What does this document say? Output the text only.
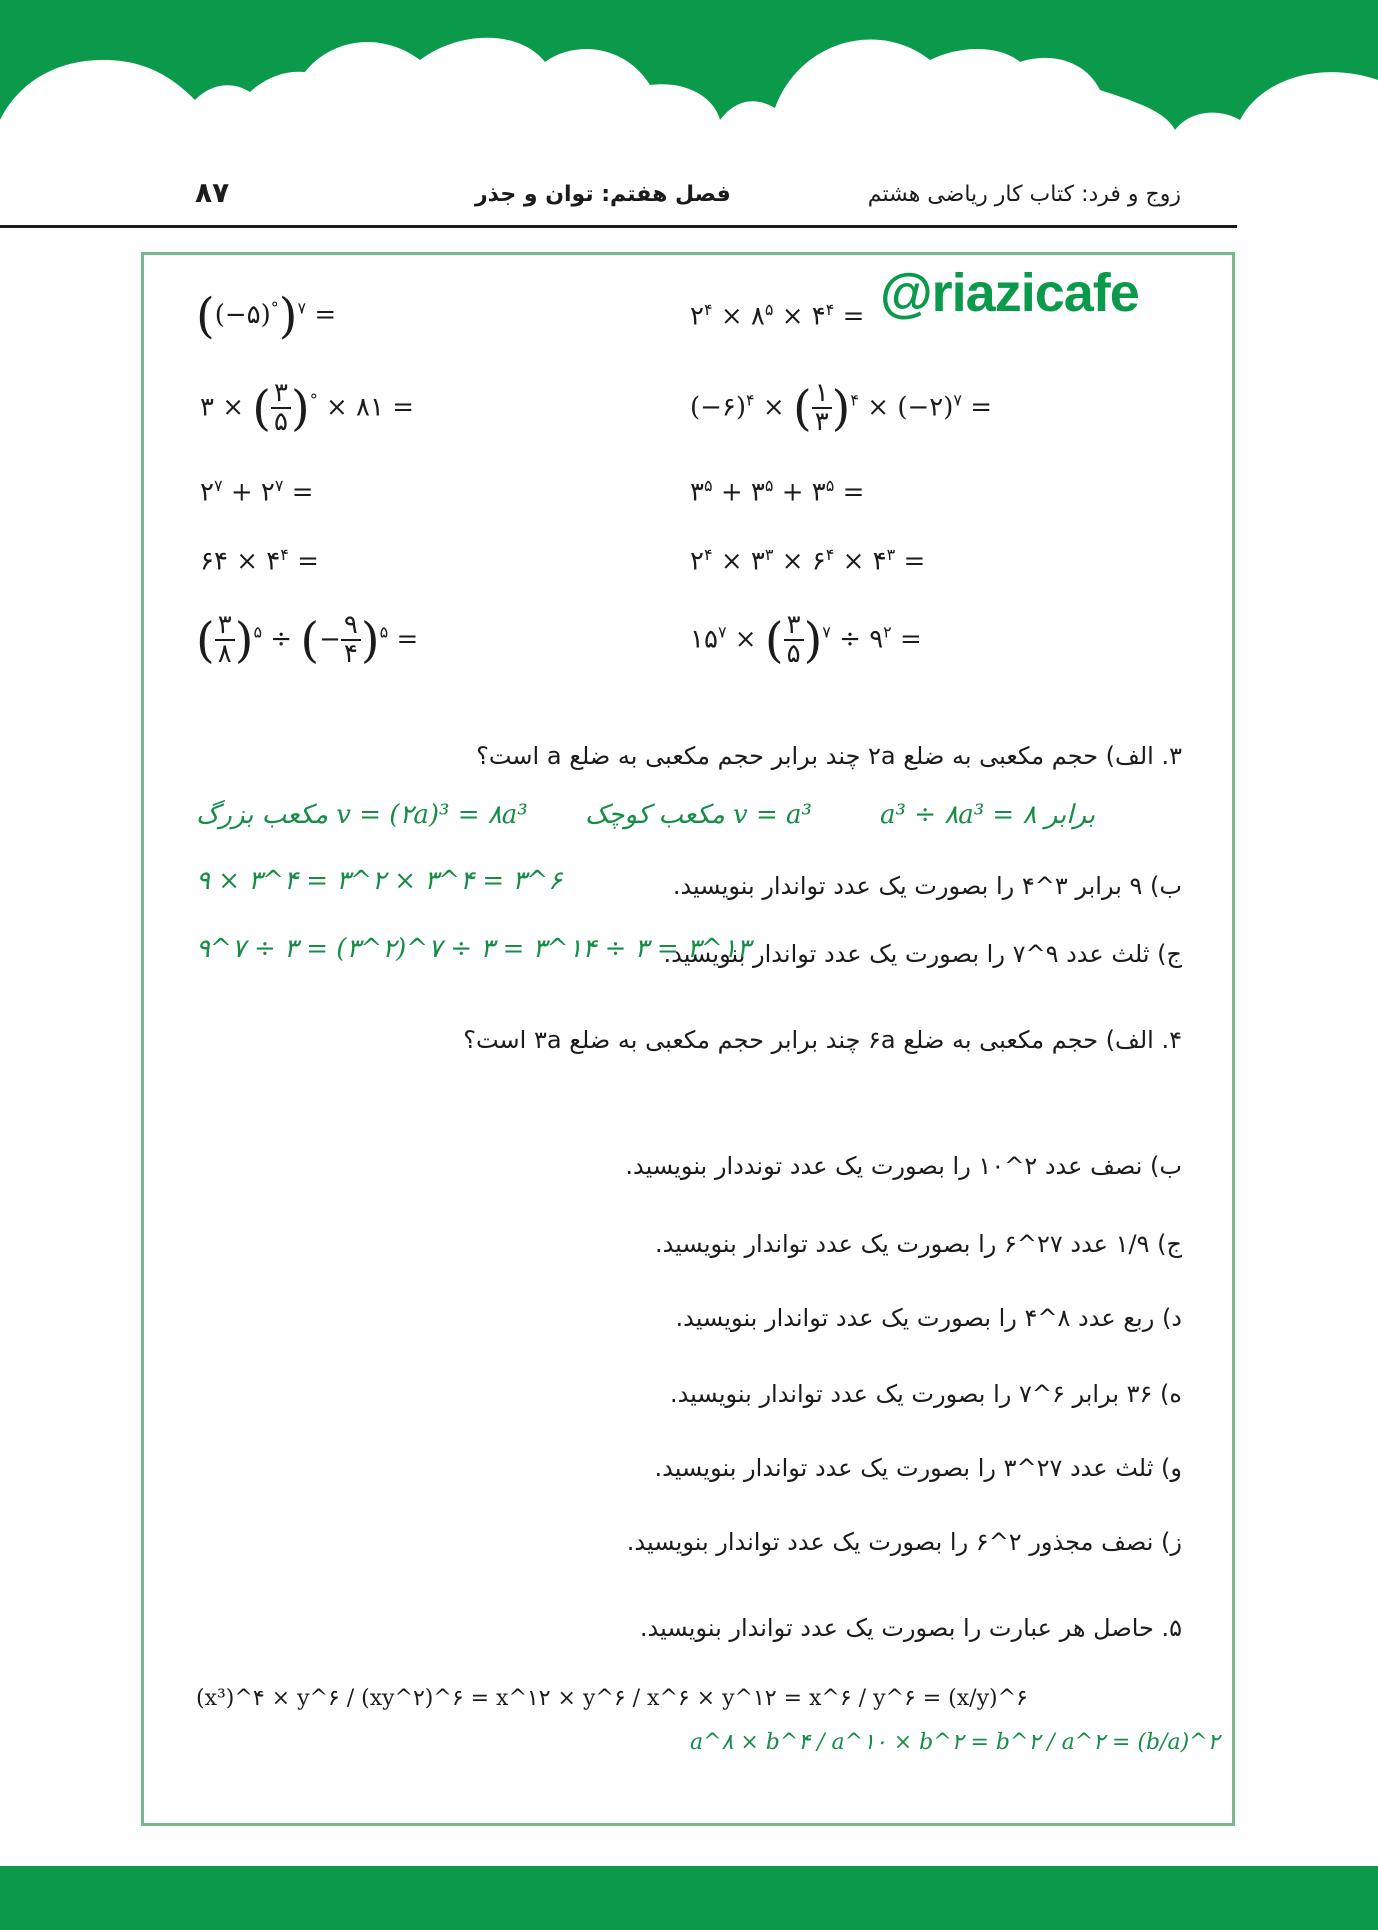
۸۷	فصل هفتم: توان و جذر	زوج و فرد: کتاب کار ریاضی هشتم
@riazicafe
((−۵)°)$^۷$ =
۳ × ( $\frac{۳}{۵} )^\circ$ × ۸۱ =
$۲^۷$ + $۲^۷$ =
۶۴ × $۴^۴$ =
( $\frac{۳}{۸} )^۵$ ÷ (− $\frac{۹}{۴} )^۵$ =
$۲^۴$ × $۸^۵$ × $۴^۴$ =
(−۶)$^۴$ × ( $\frac{۱}{۳} )^۴$ × (−۲)$^۷$ =
$۳^۵$ + $۳^۵$ + $۳^۵$ =
$۲^۴$ × $۳^۳$ × $۶^۴$ × $۴^۳$ =
$۱۵^۷$ × ( $\frac{۳}{۵} )^۷$ ÷ $۹^۲$ =
۳. الف) حجم مکعبی به ضلع ۲a چند برابر حجم مکعبی به ضلع a است؟
برابر ۸ = a³ ÷ ۸a³
v = a³ مکعب کوچک
v = (۲a)³ = ۸a³ مکعب بزرگ
ب) ۹ برابر ۳^۴ را بصورت یک عدد تواندار بنویسید.
۹ × ۳^۴ = ۳^۲ × ۳^۴ = ۳^۶
ج) ثلث عدد ۹^۷ را بصورت یک عدد تواندار بنویسید.
۹^۷ ÷ ۳ = (۳^۲)^۷ ÷ ۳ = ۳^۱۴ ÷ ۳ = ۳^۱۳
۴. الف) حجم مکعبی به ضلع ۶a چند برابر حجم مکعبی به ضلع ۳a است؟
ب) نصف عدد ۲^۱۰ را بصورت یک عدد تونددار بنویسید.
ج) ۱/۹ عدد ۲۷^۶ را بصورت یک عدد تواندار بنویسید.
د) ربع عدد ۸^۴ را بصورت یک عدد تواندار بنویسید.
ه) ۳۶ برابر ۶^۷ را بصورت یک عدد تواندار بنویسید.
و) ثلث عدد ۲۷^۳ را بصورت یک عدد تواندار بنویسید.
ز) نصف مجذور ۲^۶ را بصورت یک عدد تواندار بنویسید.
۵. حاصل هر عبارت را بصورت یک عدد تواندار بنویسید.
(x³)^۴ × y^۶ / (xy^۲)^۶ = x^۱۲ × y^۶ / x^۶ × y^۱۲ = x^۶ / y^۶ = (x/y)^۶
a^۸ × b^۴ / a^۱۰ × b^۲ = b^۲ / a^۲ = (b/a)^۲
